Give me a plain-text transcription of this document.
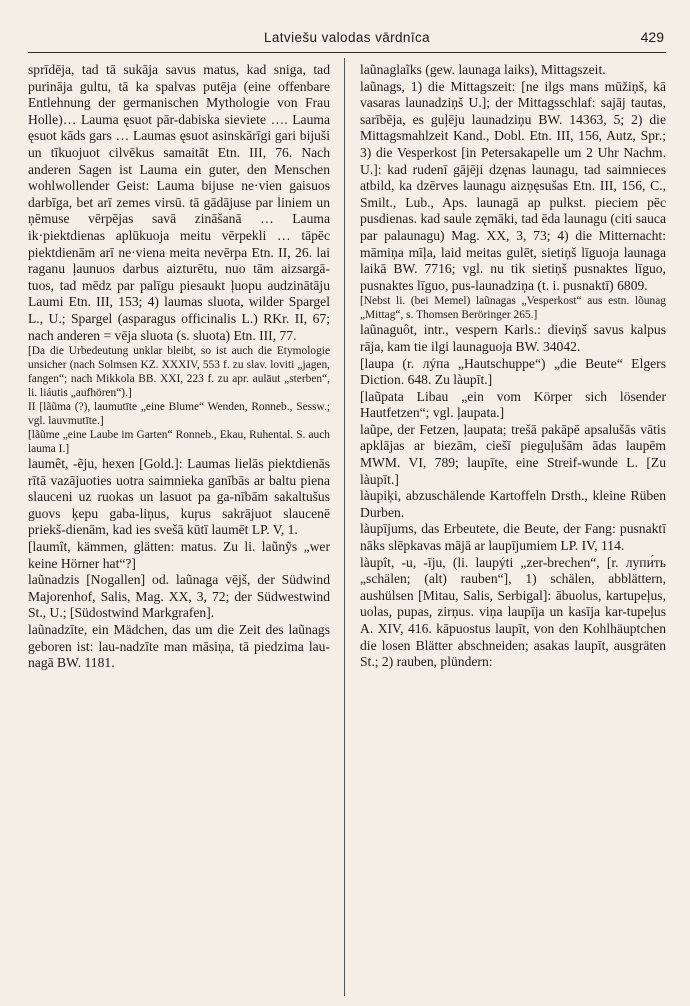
Latviešu valodas vārdnīca	429

sprīdēja, tad tā sukāja savus matus, kad sniga, tad purināja gultu, tā ka spalvas putēja (eine offenbare Entlehnung der germanischen Mythologie von Frau Holle)… Lauma ęsuot pār-dabiska sieviete …. Lauma ęsuot kāds gars … Laumas ęsuot asinskārīgi gari bijuši un tīkuojuot cilvēkus samaitāt Etn. III, 76. Nach anderen Sagen ist Lauma ein guter, den Menschen wohlwollender Geist: Lauma bijuse ne·vien gaisuos darbīga, bet arī zemes virsū. tā gādājuse par liniem un ņēmuse vērpējas savā zināšanā … Lauma ik·piektdienas aplūkuoja meitu vērpekli … tāpēc piektdienām arī ne·viena meita nevērpa Etn. II, 26. lai raganu ļaunuos darbus aizturētu, nuo tām aizsargā-tuos, tad mēdz par palīgu piesaukt ļuopu audzinātāju Laumi Etn. III, 153; 4) laumas sluota, wilder Spargel L., U.; Spargel (asparagus officinalis L.) RKr. II, 67; nach anderen = vēja sluota (s. sluota) Etn. III, 77.

[Da die Urbedeutung unklar bleibt, so ist auch die Etymologie unsicher (nach Solmsen KZ. XXXIV, 553 f. zu slav. loviti „jagen, fangen“; nach Mikkola BB. XXI, 223 f. zu apr. aulāut „sterben“, li. liáutis „aufhören“).]

II [lãũma (?), laumutīte „eine Blume“ Wenden, Ronneb., Sessw.; vgl. lauvmutīte.]

[lãũme „eine Laube im Garten“ Ronneb., Ekau, Ruhental. S. auch lauma I.]

laumêt, -ẽju, hexen [Gold.]: Laumas lielās piektdienās rītā vazājuoties uotra saimnieka ganībās ar baltu piena slauceni uz ruokas un lasuot pa ga-nībām sakaltušus guovs ķepu gaba-liņus, kuŗus sakrājuot slaucenē priekš-dienām, kad ies svešā kūtī laumēt LP. V, 1.

[laumît, kämmen, glätten: matus. Zu li. laũnỹs „wer keine Hörner hat“?]

laũnadzis [Nogallen] od. laũnaga vējš, der Südwind Majorenhof, Salis, Mag. XX, 3, 72; der Südwestwind St., U.; [Südostwind Markgrafen].

laũnadzīte, ein Mädchen, das um die Zeit des laũnags geboren ist: lau-nadzīte man māsiņa, tā piedzima lau-nagā BW. 1181.

laũnaglaĩks (gew. launaga laiks), Mittagszeit.

laũnags, 1) die Mittagszeit: [ne ilgs mans mūžiņš, kā vasaras launadziņš U.]; der Mittagsschlaf: sajāj tautas, sarībēja, es guļēju launadziņu BW. 14363, 5; 2) die Mittagsmahlzeit Kand., Dobl. Etn. III, 156, Autz, Spr.; 3) die Vesperkost [in Petersakapelle um 2 Uhr Nachm. U.]: kad rudenī gājēji dzęnas launagu, tad saimnieces atbild, ka dzērves launagu aizņęsušas Etn. III, 156, C., Smilt., Lub., Aps. launagā ap pulkst. pieciem pēc pusdienas. kad saule zęmāki, tad ēda launagu (citi sauca par palaunagu) Mag. XX, 3, 73; 4) die Mitternacht: māmiņa mīļa, laid meitas gulēt, sietiņš līguoja launaga laikā BW. 7716; vgl. nu tik sietiņš pusnaktes līguo, pusnaktes līguo, pus-launadziņa (t. i. pusnaktī) 6809.

[Nebst li. (bei Memel) laũnagas „Vesperkost“ aus estn. lõunag „Mittag“, s. Thomsen Beröringer 265.]

laũnaguôt, intr., vespern Karls.: dieviņš savus kalpus rāja, kam tie ilgi launaguoja BW. 34042.

[laupa (r. лýпа „Hautschuppe“) „die Beute“ Elgers Diction. 648. Zu làupīt.]

[laũpata Libau „ein vom Körper sich lösender Hautfetzen“; vgl. ļaupata.]

laũpe, der Fetzen, ļaupata; trešā pakāpē apsalušās vātis apklājas ar biezām, ciešī pieguļušām ādas laupēm MWM. VI, 789; laupīte, eine Streif-wunde L. [Zu làupīt.]

làupiķi, abzuschälende Kartoffeln Drsth., kleine Rüben Durben.

làupījums, das Erbeutete, die Beute, der Fang: pusnaktī nāks slēpkavas mājā ar laupījumiem LP. IV, 114.

làupît, -u, -īju, (li. laupýti „zer-brechen“, [r. лупи́ть „schälen; (alt) rauben“], 1) schälen, abblättern, aushülsen [Mitau, Salis, Serbigal]: ābuolus, kartupeļus, uolas, pupas, zirņus. viņa laupīja un kasīja kar-tupeļus A. XIV, 416. kāpuostus laupīt, von den Kohlhäuptchen die losen Blätter abschneiden; asakas laupīt, ausgräten St.; 2) rauben, plündern:
